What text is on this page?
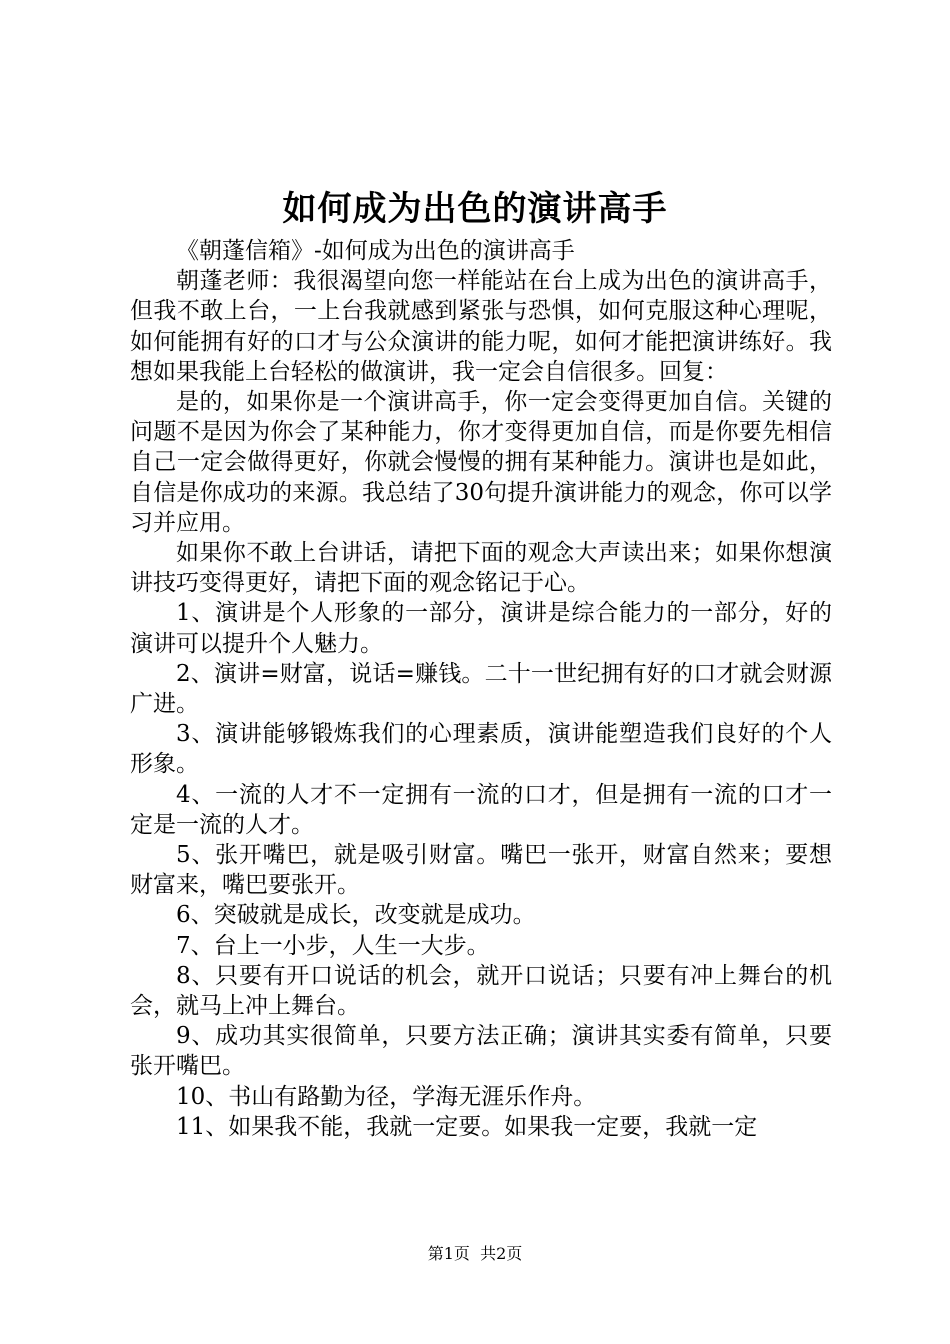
如何成为出色的演讲高手

《朝蓬信箱》-如何成为出色的演讲高手

朝蓬老师：我很渴望向您一样能站在台上成为出色的演讲高手，但我不敢上台，一上台我就感到紧张与恐惧，如何克服这种心理呢，如何能拥有好的口才与公众演讲的能力呢，如何才能把演讲练好。我想如果我能上台轻松的做演讲，我一定会自信很多。回复：

是的，如果你是一个演讲高手，你一定会变得更加自信。关键的问题不是因为你会了某种能力，你才变得更加自信，而是你要先相信自己一定会做得更好，你就会慢慢的拥有某种能力。演讲也是如此，自信是你成功的来源。我总结了30句提升演讲能力的观念，你可以学习并应用。

如果你不敢上台讲话，请把下面的观念大声读出来；如果你想演讲技巧变得更好，请把下面的观念铭记于心。

1、演讲是个人形象的一部分，演讲是综合能力的一部分，好的演讲可以提升个人魅力。

2、演讲=财富，说话=赚钱。二十一世纪拥有好的口才就会财源广进。

3、演讲能够锻炼我们的心理素质，演讲能塑造我们良好的个人形象。

4、一流的人才不一定拥有一流的口才，但是拥有一流的口才一定是一流的人才。

5、张开嘴巴，就是吸引财富。嘴巴一张开，财富自然来；要想财富来，嘴巴要张开。

6、突破就是成长，改变就是成功。

7、台上一小步，人生一大步。

8、只要有开口说话的机会，就开口说话；只要有冲上舞台的机会，就马上冲上舞台。

9、成功其实很简单，只要方法正确；演讲其实委有简单，只要张开嘴巴。

10、书山有路勤为径，学海无涯乐作舟。

11、如果我不能，我就一定要。如果我一定要，我就一定

第1页 共2页
